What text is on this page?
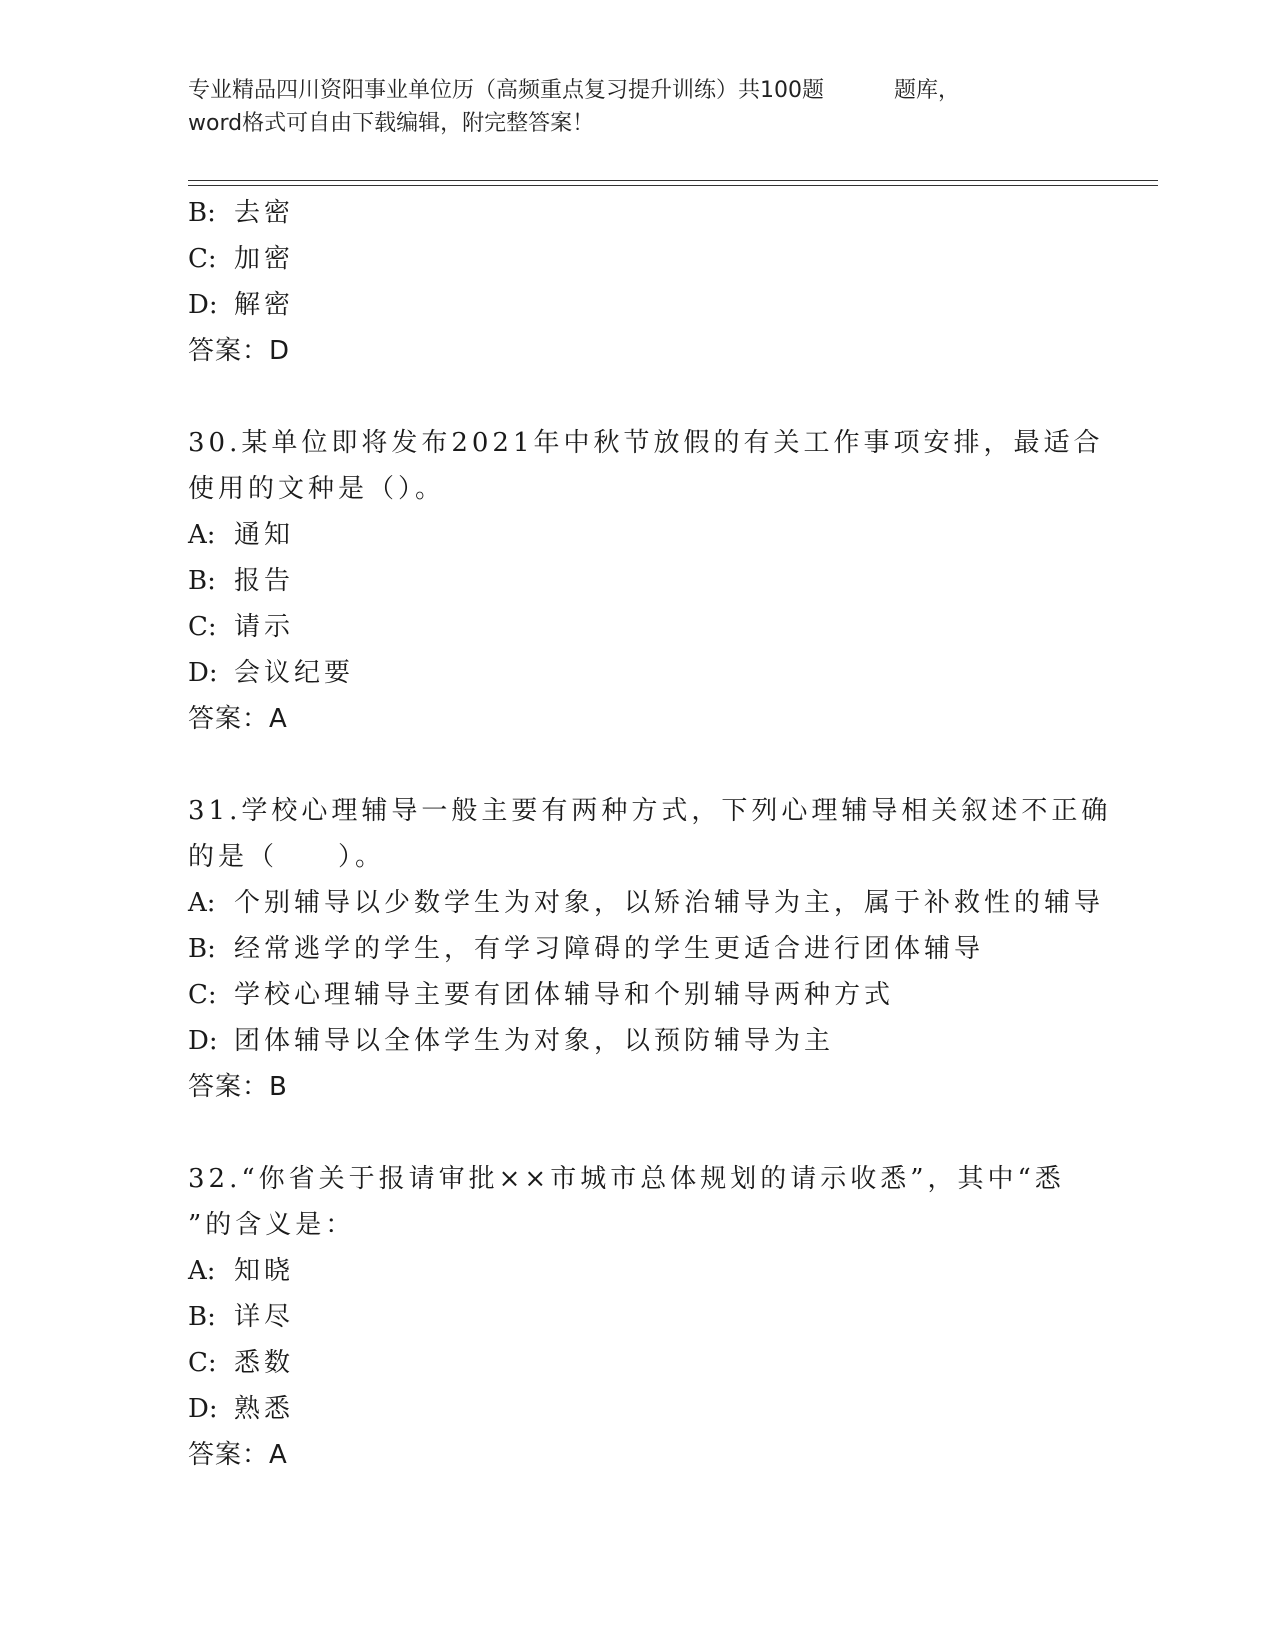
专业精品四川资阳事业单位历（高频重点复习提升训练）共100题	题库，
word格式可自由下载编辑，附完整答案！
B: 去密
C: 加密
D: 解密
答案：D
30.某单位即将发布2021年中秋节放假的有关工作事项安排，最适合
使用的文种是（）。
A: 通知
B: 报告
C: 请示
D: 会议纪要
答案：A
31.学校心理辅导一般主要有两种方式，下列心理辅导相关叙述不正确
的是（　　）。
A: 个别辅导以少数学生为对象，以矫治辅导为主，属于补救性的辅导
B: 经常逃学的学生，有学习障碍的学生更适合进行团体辅导
C: 学校心理辅导主要有团体辅导和个别辅导两种方式
D: 团体辅导以全体学生为对象，以预防辅导为主
答案：B
32.“你省关于报请审批××市城市总体规划的请示收悉”，其中“悉
”的含义是：
A: 知晓
B: 详尽
C: 悉数
D: 熟悉
答案：A
